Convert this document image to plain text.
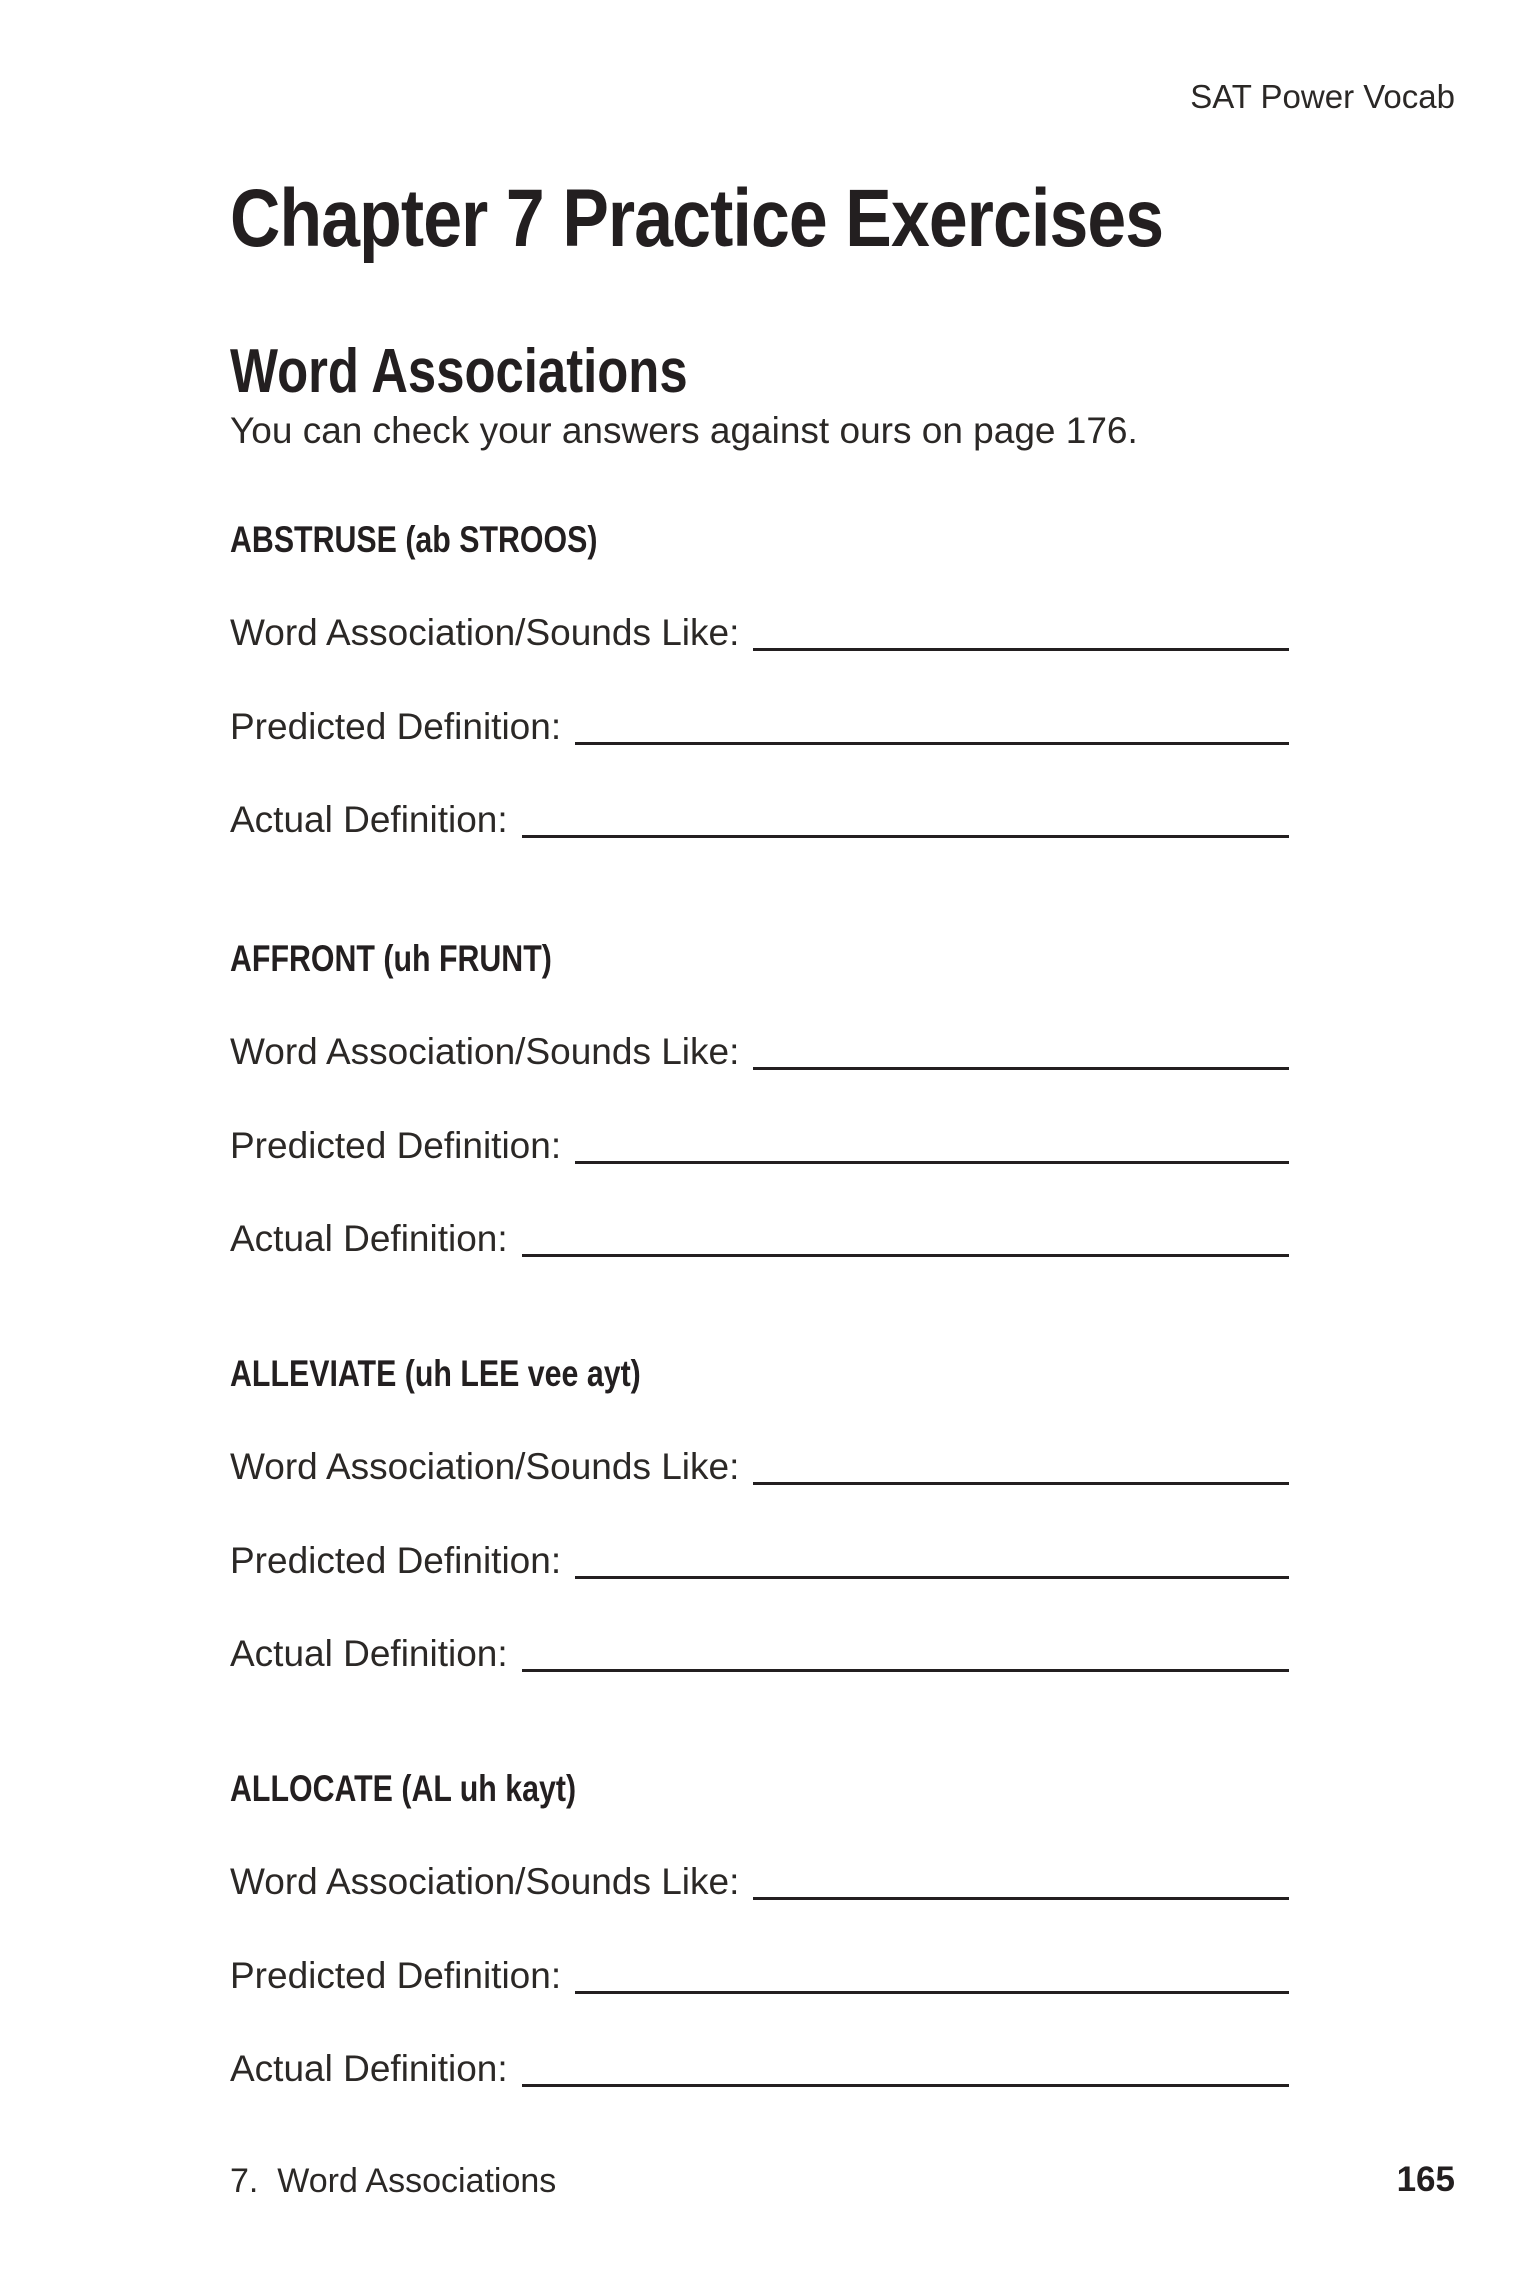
SAT Power Vocab
Chapter 7 Practice Exercises
Word Associations
You can check your answers against ours on page 176.
ABSTRUSE (ab STROOS)
Word Association/Sounds Like:
Predicted Definition:
Actual Definition:
AFFRONT (uh FRUNT)
Word Association/Sounds Like:
Predicted Definition:
Actual Definition:
ALLEVIATE (uh LEE vee ayt)
Word Association/Sounds Like:
Predicted Definition:
Actual Definition:
ALLOCATE (AL uh kayt)
Word Association/Sounds Like:
Predicted Definition:
Actual Definition:
7.  Word Associations	165
